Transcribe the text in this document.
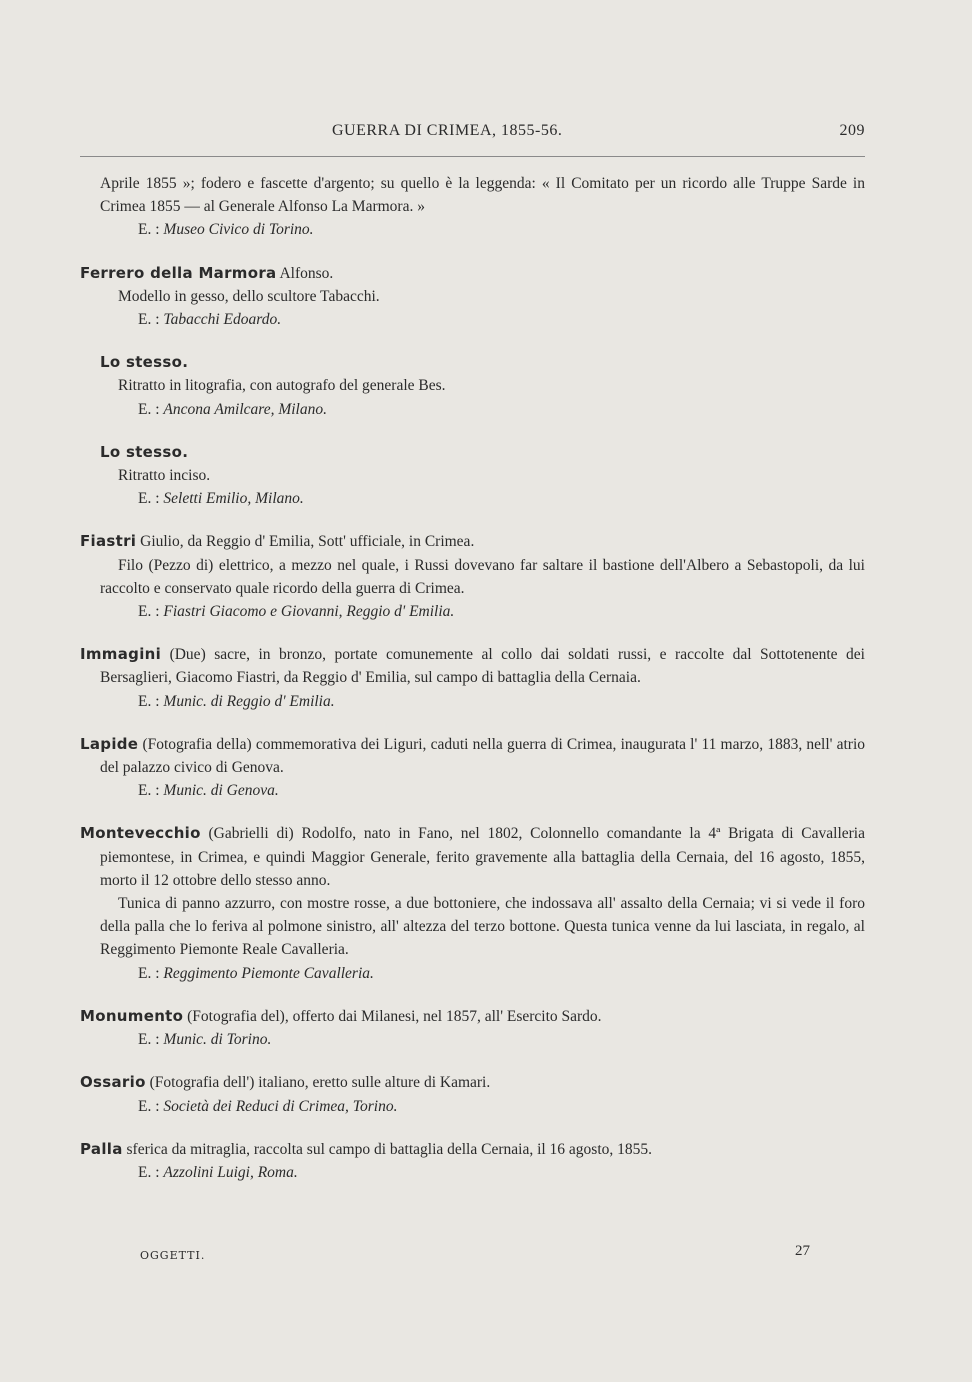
GUERRA DI CRIMEA, 1855-56.	209

Aprile 1855 »; fodero e fascette d'argento; su quello è la leggenda: « Il Comitato per un ricordo alle Truppe Sarde in Crimea 1855 — al Generale Alfonso La Marmora. »

E. : Museo Civico di Torino.

Ferrero della Marmora Alfonso.

Modello in gesso, dello scultore Tabacchi.

E. : Tabacchi Edoardo.

Lo stesso.

Ritratto in litografia, con autografo del generale Bes.

E. : Ancona Amilcare, Milano.

Lo stesso.

Ritratto inciso.

E. : Seletti Emilio, Milano.

Fiastri Giulio, da Reggio d' Emilia, Sott' ufficiale, in Crimea.

Filo (Pezzo di) elettrico, a mezzo nel quale, i Russi dovevano far saltare il bastione dell'Albero a Sebastopoli, da lui raccolto e conservato quale ricordo della guerra di Crimea.

E. : Fiastri Giacomo e Giovanni, Reggio d' Emilia.

Immagini (Due) sacre, in bronzo, portate comunemente al collo dai soldati russi, e raccolte dal Sottotenente dei Bersaglieri, Giacomo Fiastri, da Reggio d' Emilia, sul campo di battaglia della Cernaia.

E. : Munic. di Reggio d' Emilia.

Lapide (Fotografia della) commemorativa dei Liguri, caduti nella guerra di Crimea, inaugurata l' 11 marzo, 1883, nell' atrio del palazzo civico di Genova.

E. : Munic. di Genova.

Montevecchio (Gabrielli di) Rodolfo, nato in Fano, nel 1802, Colonnello comandante la 4ª Brigata di Cavalleria piemontese, in Crimea, e quindi Maggior Generale, ferito gravemente alla battaglia della Cernaia, del 16 agosto, 1855, morto il 12 ottobre dello stesso anno.

Tunica di panno azzurro, con mostre rosse, a due bottoniere, che indossava all' assalto della Cernaia; vi si vede il foro della palla che lo feriva al polmone sinistro, all' altezza del terzo bottone. Questa tunica venne da lui lasciata, in regalo, al Reggimento Piemonte Reale Cavalleria.

E. : Reggimento Piemonte Cavalleria.

Monumento (Fotografia del), offerto dai Milanesi, nel 1857, all' Esercito Sardo.

E. : Munic. di Torino.

Ossario (Fotografia dell') italiano, eretto sulle alture di Kamari.

E. : Società dei Reduci di Crimea, Torino.

Palla sferica da mitraglia, raccolta sul campo di battaglia della Cernaia, il 16 agosto, 1855.

E. : Azzolini Luigi, Roma.

OGGETTI.	27
